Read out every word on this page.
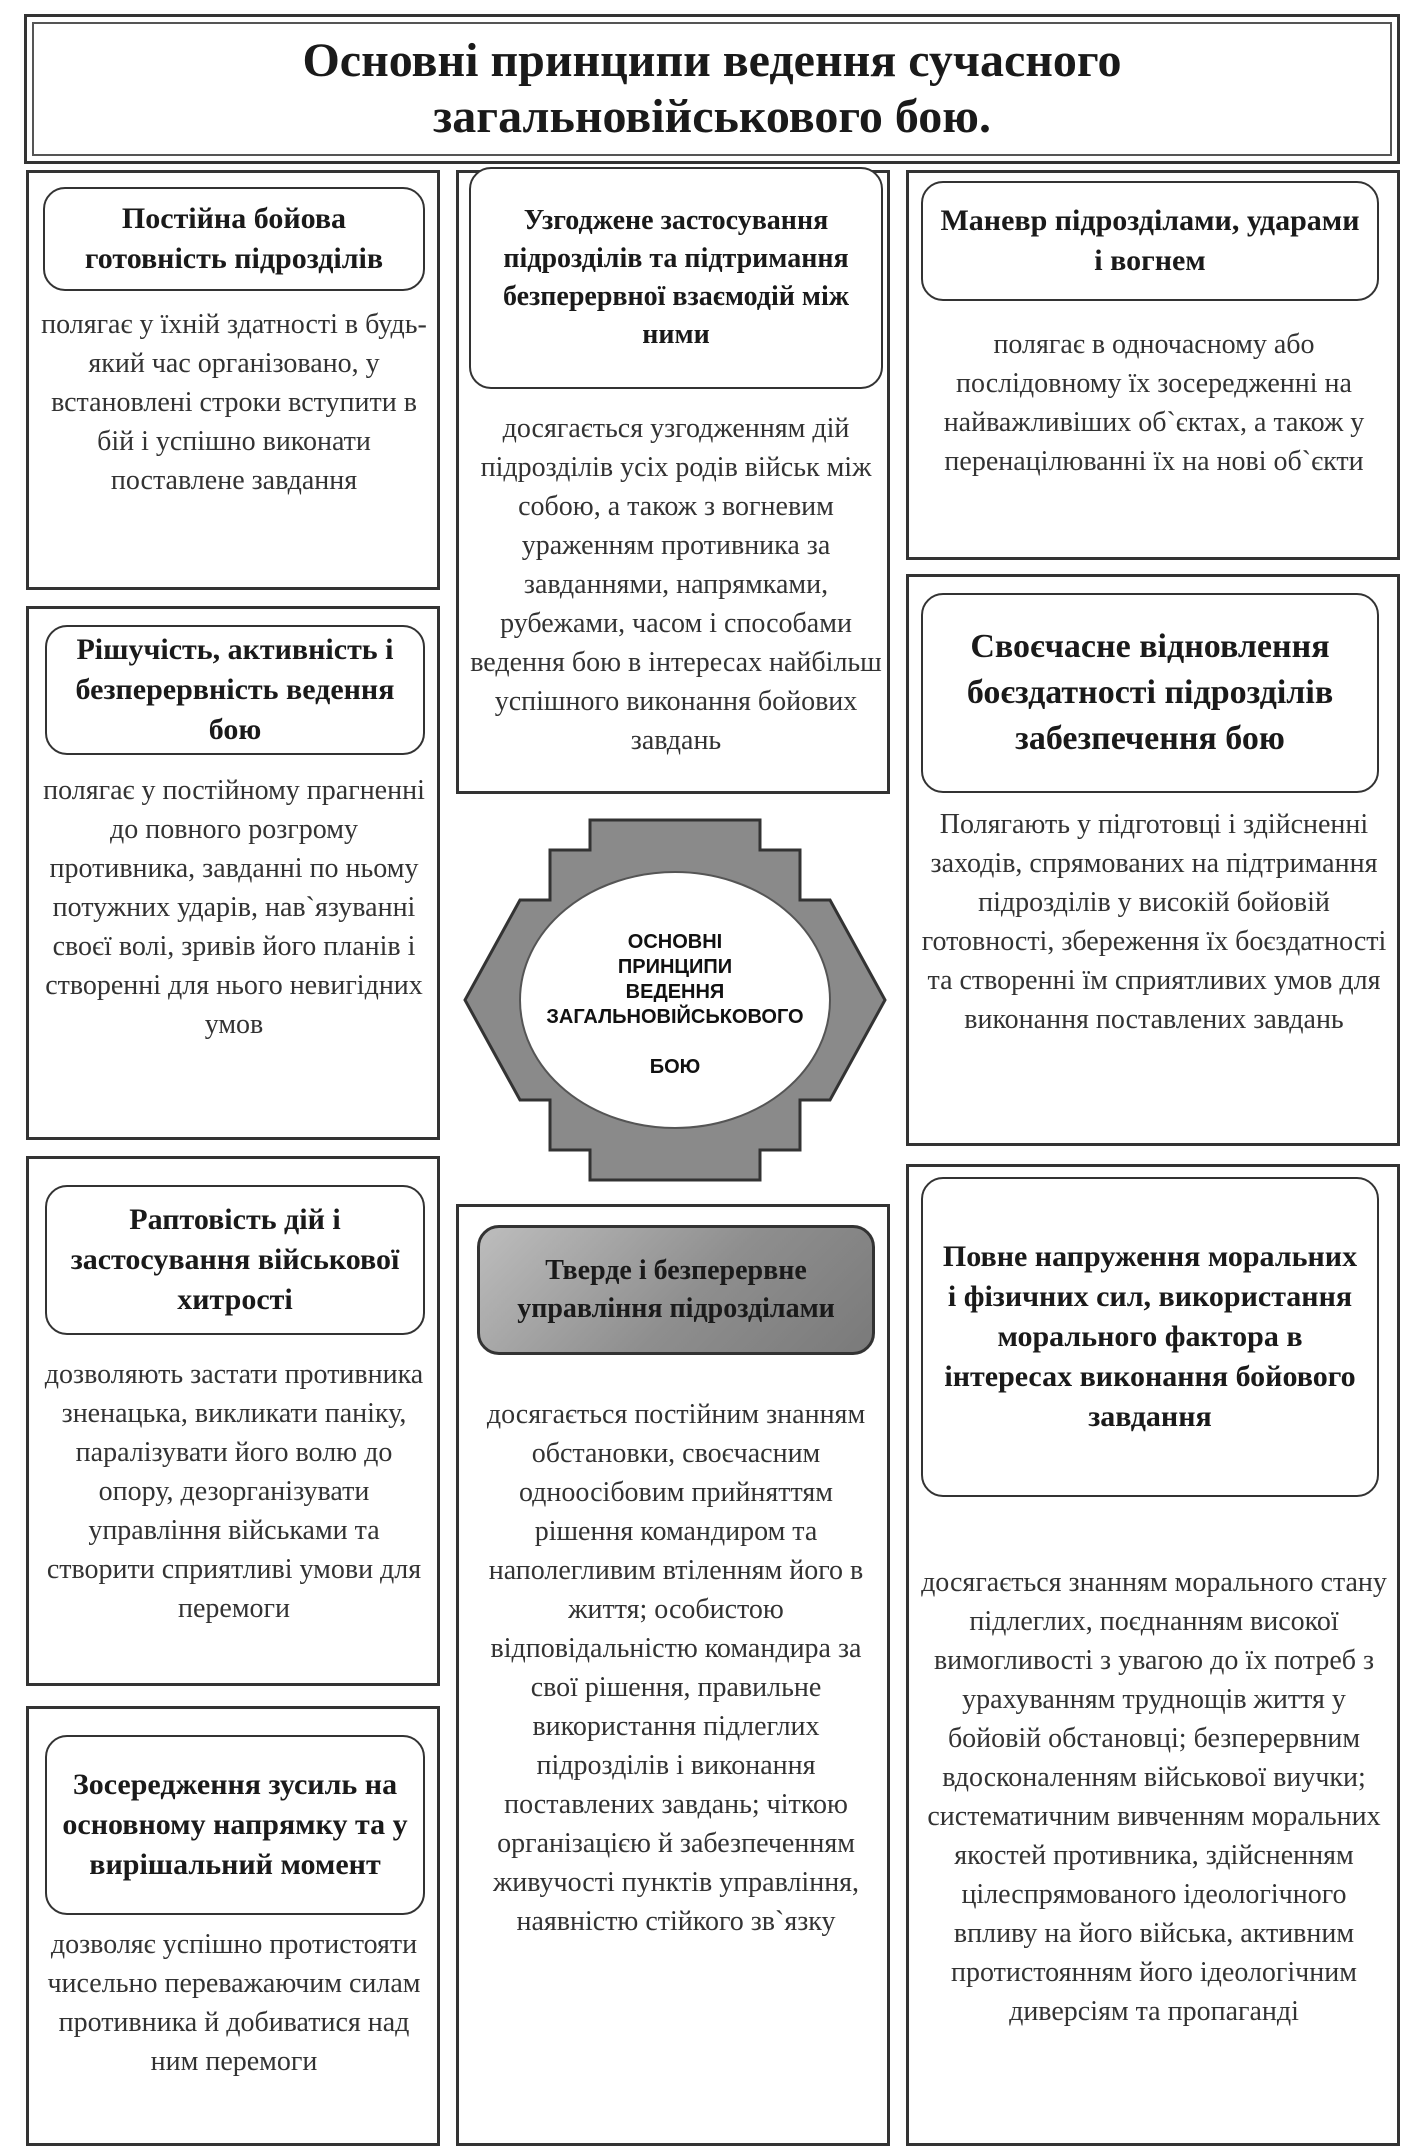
Основні принципи ведення сучасного загальновійськового бою.
Постійна бойова готовність підрозділів
полягає у їхній здатності в будь-який час організовано, у встановлені строки вступити в бій і успішно виконати поставлене завдання
Рішучість, активність і безперервність ведення бою
полягає у постійному прагненні до повного розгрому противника, завданні по ньому потужних ударів, нав`язуванні своєї волі, зривів його планів і створенні для нього невигідних умов
Раптовість дій і застосування військової хитрості
дозволяють застати противника зненацька, викликати паніку, паралізувати його волю до опору, дезорганізувати управління військами та створити сприятливі умови для перемоги
Зосередження зусиль на основному напрямку та у вирішальний момент
дозволяє успішно протистояти чисельно переважаючим силам противника й добиватися над ним перемоги
Узгоджене застосування підрозділів та підтримання безперервної взаємодій між ними
досягається узгодженням дій підрозділів усіх родів військ між собою, а також з вогневим ураженням противника за завданнями, напрямками, рубежами, часом і способами ведення бою в інтересах найбільш успішного виконання бойових завдань
ОСНОВНІ
ПРИНЦИПИ
ВЕДЕННЯ
ЗАГАЛЬНОВІЙСЬКОВОГО

БОЮ
Тверде і безперервне управління підрозділами
досягається постійним знанням обстановки, своєчасним одноосібовим прийняттям рішення командиром та наполегливим втіленням його в життя; особистою відповідальністю командира за свої рішення, правильне використання підлеглих підрозділів і виконання поставлених завдань; чіткою організацією й забезпеченням живучості пунктів управління, наявністю стійкого зв`язку
Маневр підрозділами, ударами і вогнем
полягає в одночасному або послідовному їх зосередженні на найважливіших об`єктах, а також у перенацілюванні їх на нові об`єкти
Своєчасне відновлення боєздатності підрозділів забезпечення бою
Полягають у підготовці і здійсненні заходів, спрямованих на підтримання підрозділів у високій бойовій готовності, збереження їх боєздатності та створенні їм сприятливих умов для виконання поставлених завдань
Повне напруження моральних і фізичних сил, використання морального фактора в інтересах виконання бойового завдання
досягається знанням морального стану підлеглих, поєднанням високої вимогливості з увагою до їх потреб з урахуванням труднощів життя у бойовій обстановці; безперервним вдосконаленням військової виучки; систематичним вивченням моральних якостей противника, здійсненням цілеспрямованого ідеологічного впливу на його війська, активним протистоянням його ідеологічним диверсіям та пропаганді
